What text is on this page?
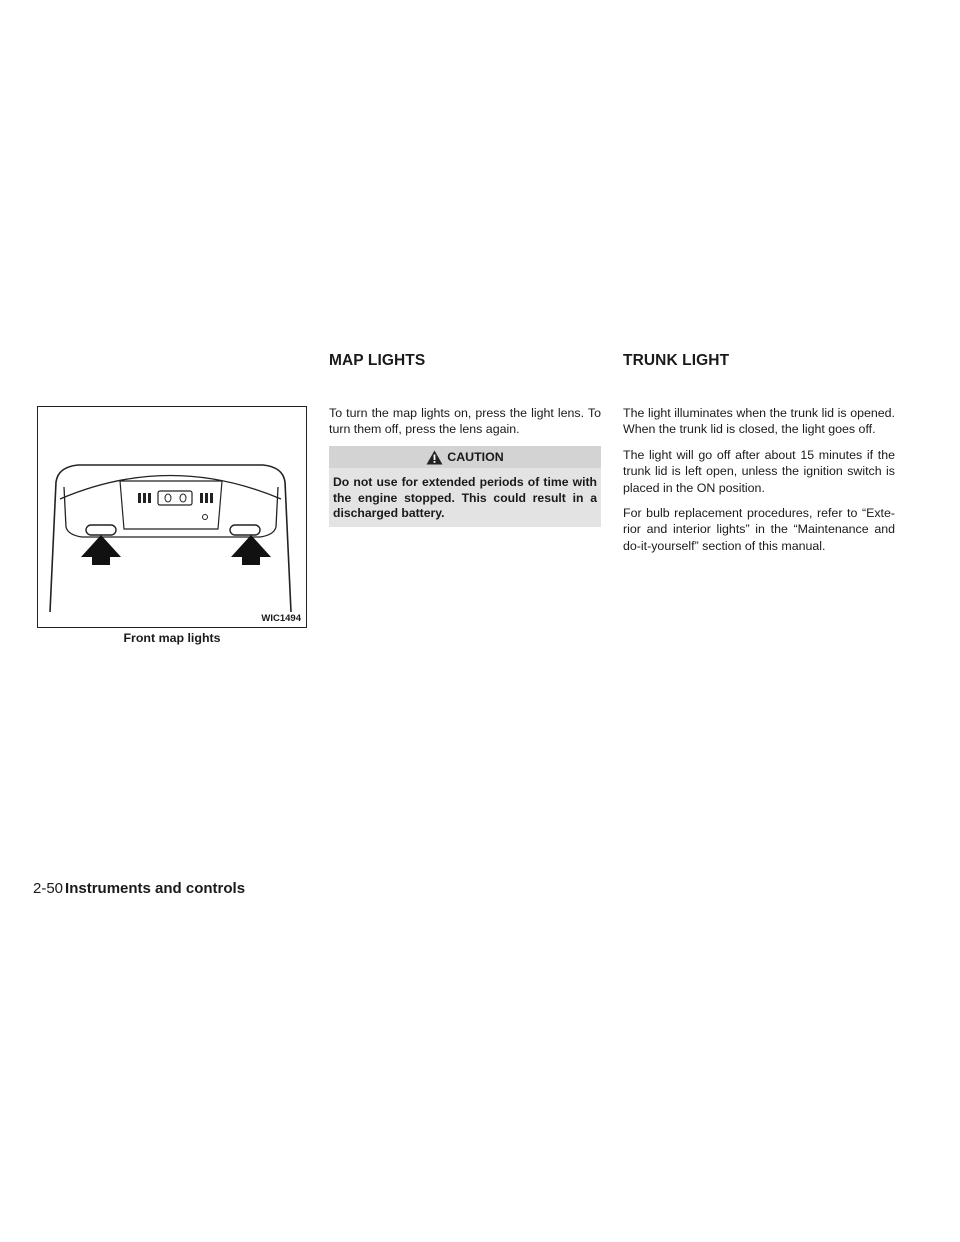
MAP LIGHTS	TRUNK LIGHT
WIC1494
Front map lights

To turn the map lights on, press the light lens. To turn them off, press the lens again.

CAUTION
Do not use for extended periods of time with the engine stopped. This could result in a discharged battery.

The light illuminates when the trunk lid is opened. When the trunk lid is closed, the light goes off.

The light will go off after about 15 minutes if the trunk lid is left open, unless the ignition switch is placed in the ON position.

For bulb replacement procedures, refer to “Exte-rior and interior lights” in the “Maintenance and do-it-yourself” section of this manual.

2-50 Instruments and controls
